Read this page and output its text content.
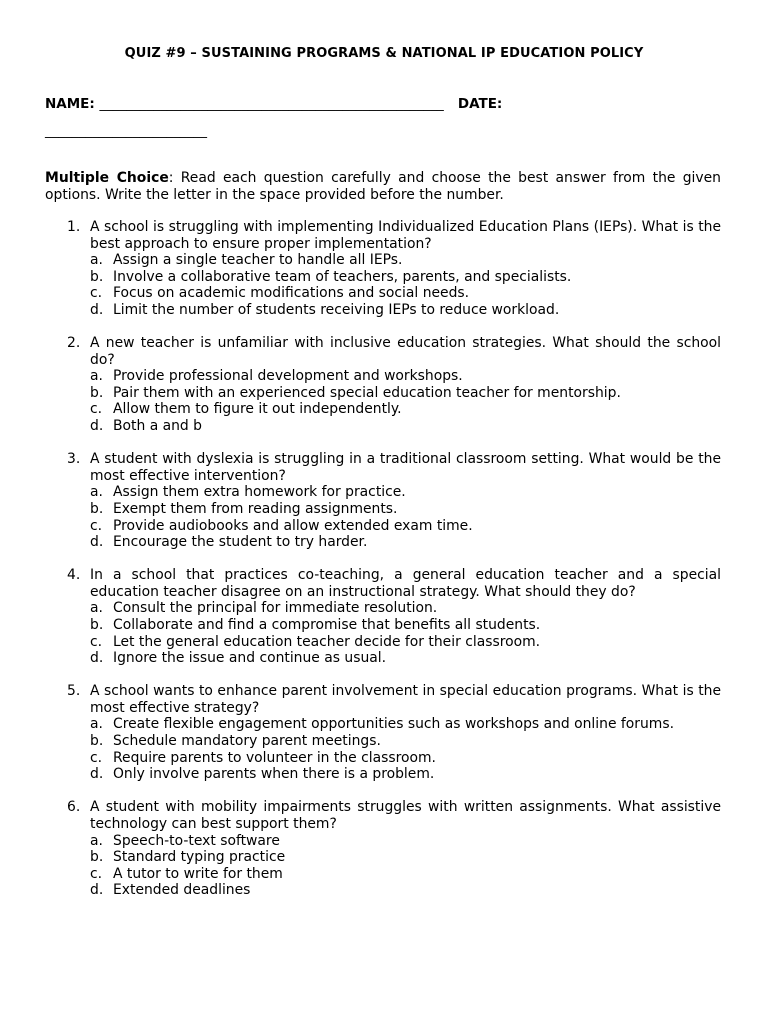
QUIZ #9 – SUSTAINING PROGRAMS & NATIONAL IP EDUCATION POLICY
NAME: ___________________________________________________ DATE:
________________________
Multiple Choice: Read each question carefully and choose the best answer from the given options. Write the letter in the space provided before the number.
1. A school is struggling with implementing Individualized Education Plans (IEPs). What is the best approach to ensure proper implementation?
a. Assign a single teacher to handle all IEPs.
b. Involve a collaborative team of teachers, parents, and specialists.
c. Focus on academic modifications and social needs.
d. Limit the number of students receiving IEPs to reduce workload.
2. A new teacher is unfamiliar with inclusive education strategies. What should the school do?
a. Provide professional development and workshops.
b. Pair them with an experienced special education teacher for mentorship.
c. Allow them to figure it out independently.
d. Both a and b
3. A student with dyslexia is struggling in a traditional classroom setting. What would be the most effective intervention?
a. Assign them extra homework for practice.
b. Exempt them from reading assignments.
c. Provide audiobooks and allow extended exam time.
d. Encourage the student to try harder.
4. In a school that practices co-teaching, a general education teacher and a special education teacher disagree on an instructional strategy. What should they do?
a. Consult the principal for immediate resolution.
b. Collaborate and find a compromise that benefits all students.
c. Let the general education teacher decide for their classroom.
d. Ignore the issue and continue as usual.
5. A school wants to enhance parent involvement in special education programs. What is the most effective strategy?
a. Create flexible engagement opportunities such as workshops and online forums.
b. Schedule mandatory parent meetings.
c. Require parents to volunteer in the classroom.
d. Only involve parents when there is a problem.
6. A student with mobility impairments struggles with written assignments. What assistive technology can best support them?
a. Speech-to-text software
b. Standard typing practice
c. A tutor to write for them
d. Extended deadlines
